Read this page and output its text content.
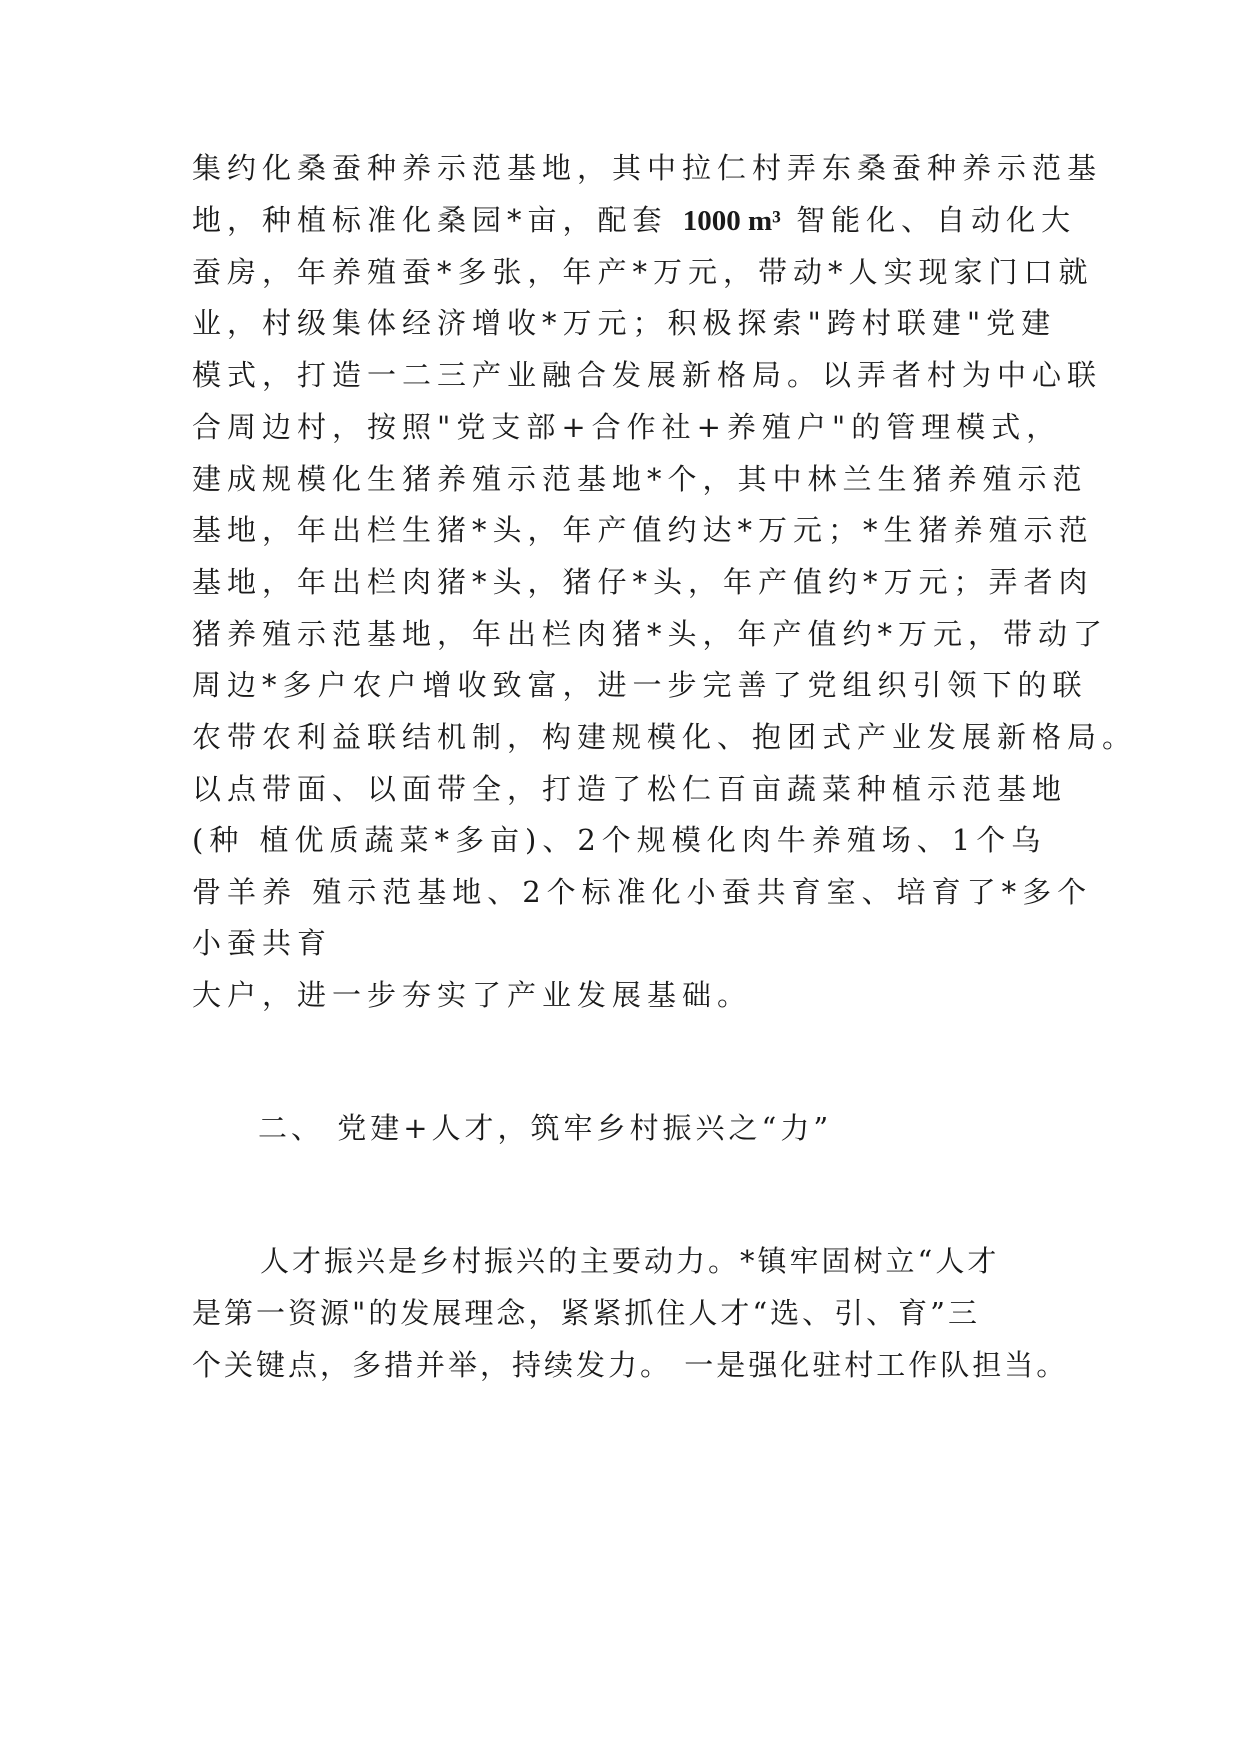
集约化桑蚕种养示范基地，其中拉仁村弄东桑蚕种养示范基
地，种植标准化桑园*亩，配套 1000 m³ 智能化、自动化大
蚕房，年养殖蚕*多张，年产*万元，带动*人实现家门口就
业，村级集体经济增收*万元；积极探索"跨村联建"党建
模式，打造一二三产业融合发展新格局。以弄者村为中心联
合周边村，按照"党支部+合作社+养殖户"的管理模式，
建成规模化生猪养殖示范基地*个，其中林兰生猪养殖示范
基地，年出栏生猪*头，年产值约达*万元；*生猪养殖示范
基地，年出栏肉猪*头，猪仔*头，年产值约*万元；弄者肉
猪养殖示范基地，年出栏肉猪*头，年产值约*万元，带动了
周边*多户农户增收致富，进一步完善了党组织引领下的联
农带农利益联结机制，构建规模化、抱团式产业发展新格局。
以点带面、以面带全，打造了松仁百亩蔬菜种植示范基地
(种 植优质蔬菜*多亩)、2个规模化肉牛养殖场、1个乌
骨羊养 殖示范基地、2个标准化小蚕共育室、培育了*多个
小蚕共育
大户，进一步夯实了产业发展基础。
二、 党建+人才，筑牢乡村振兴之“力”
人才振兴是乡村振兴的主要动力。*镇牢固树立“人才
是第一资源"的发展理念，紧紧抓住人才“选、引、育”三
个关键点，多措并举，持续发力。 一是强化驻村工作队担当。
